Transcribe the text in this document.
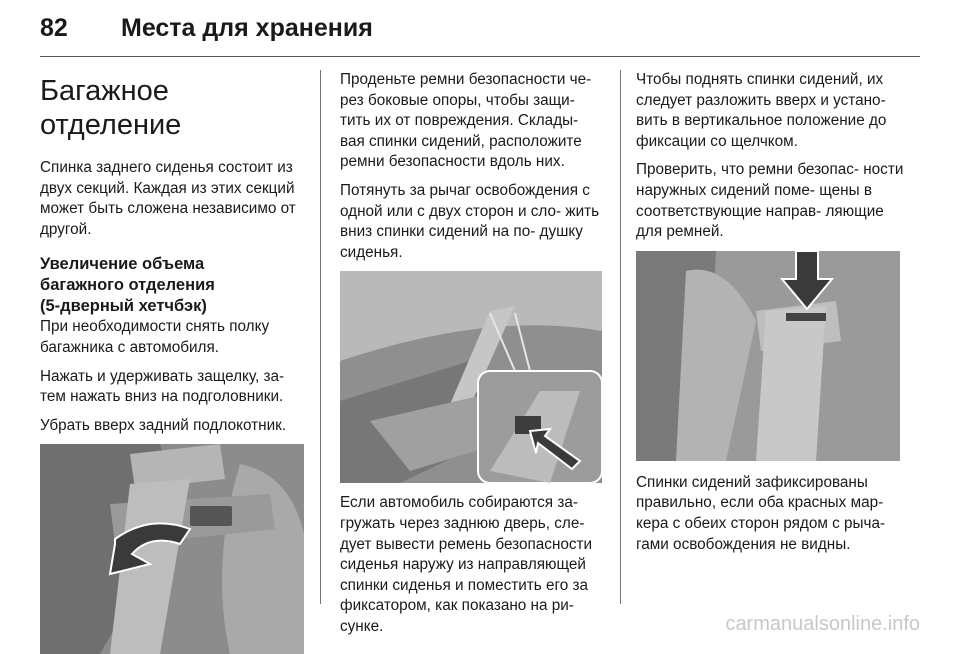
82 Места для хранения
Багажное отделение

Спинка заднего сиденья состоит из двух секций. Каждая из этих секций может быть сложена независимо от другой.

Увеличение объема
багажного отделения
(5-дверный хетчбэк)

При необходимости снять полку багажника с автомобиля.

Нажать и удерживать защелку, за- тем нажать вниз на подголовники.

Убрать вверх задний подлокотник.

Проденьте ремни безопасности че- рез боковые опоры, чтобы защи- тить их от повреждения. Склады- вая спинки сидений, расположите ремни безопасности вдоль них.

Потянуть за рычаг освобождения с одной или с двух сторон и сло- жить вниз спинки сидений на по- душку сиденья.

Если автомобиль собираются за- гружать через заднюю дверь, сле- дует вывести ремень безопасности сиденья наружу из направляющей спинки сиденья и поместить его за фиксатором, как показано на ри- сунке.

Чтобы поднять спинки сидений, их следует разложить вверх и устано- вить в вертикальное положение до фиксации со щелчком.

Проверить, что ремни безопас- ности наружных сидений поме- щены в соответствующие направ- ляющие для ремней.

Спинки сидений зафиксированы правильно, если оба красных мар- кера с обеих сторон рядом с рыча- гами освобождения не видны.

carmanualsonline.info
